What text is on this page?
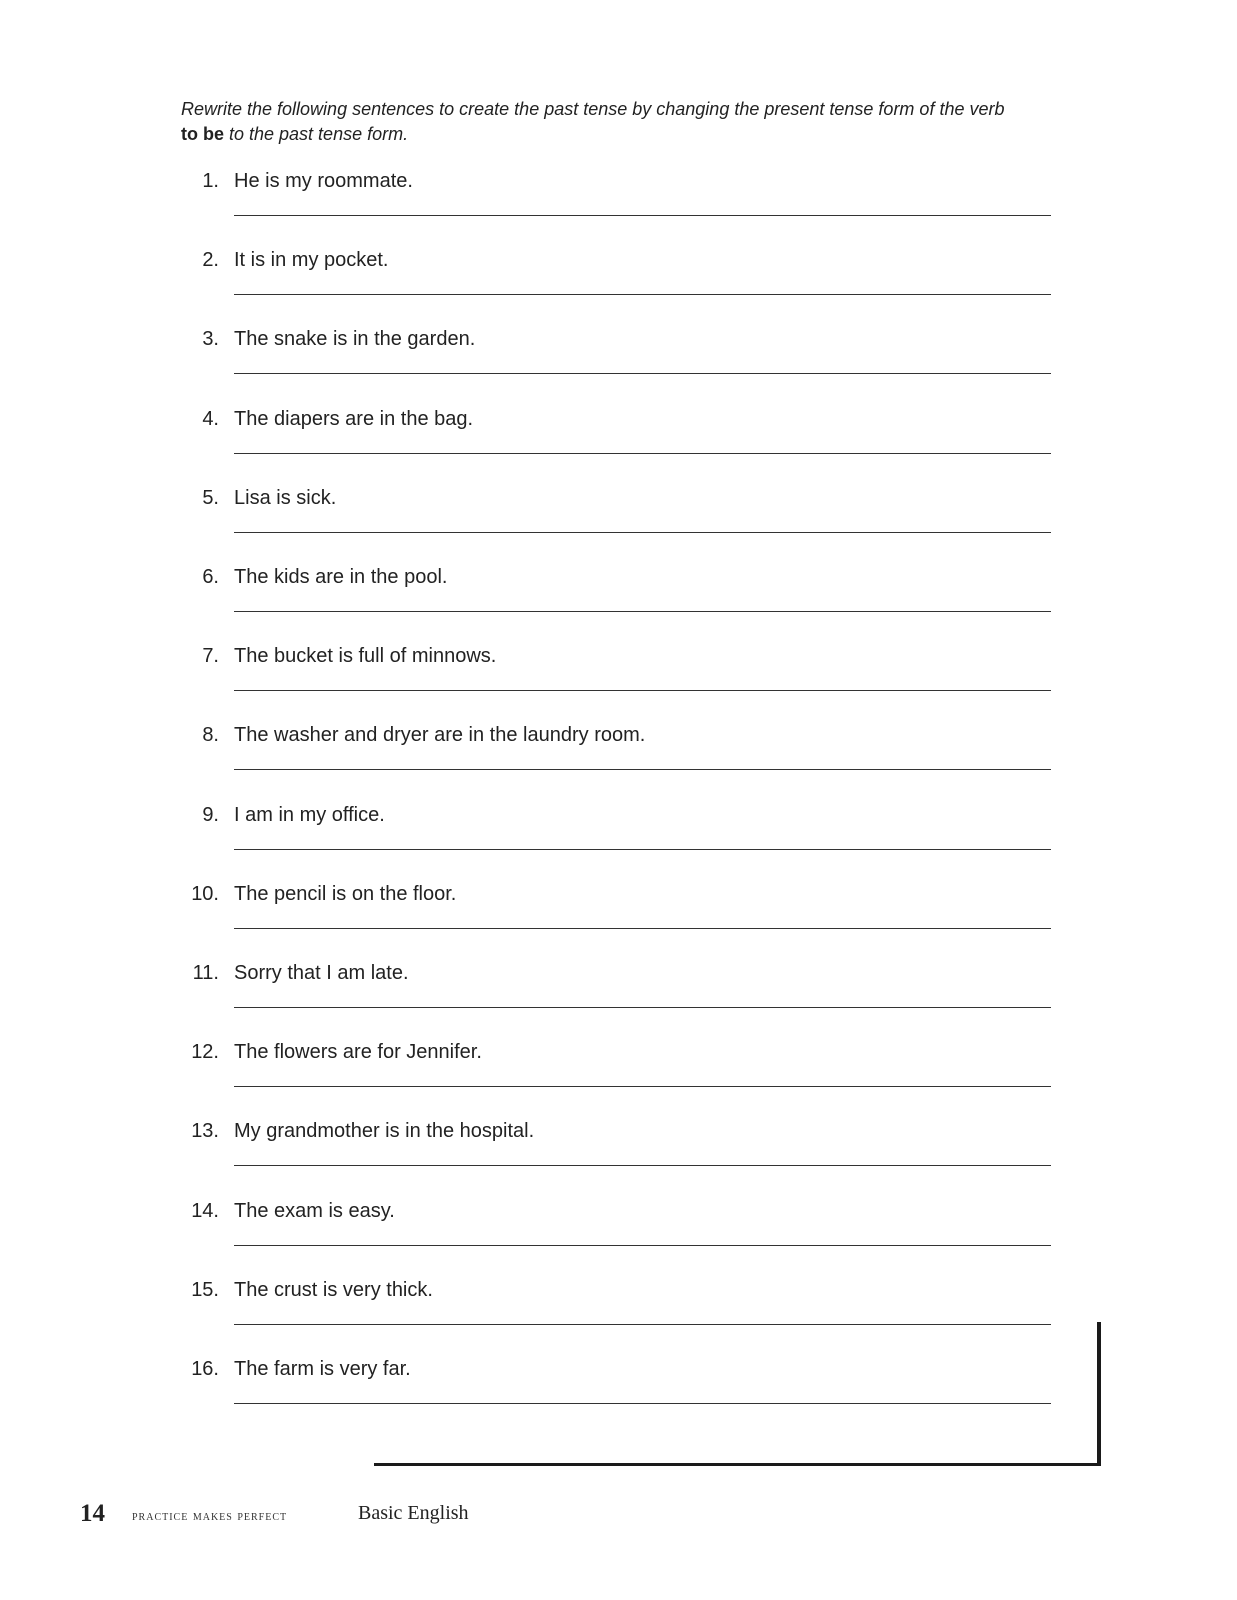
Rewrite the following sentences to create the past tense by changing the present tense form of the verb
to be to the past tense form.
1. He is my roommate.
2. It is in my pocket.
3. The snake is in the garden.
4. The diapers are in the bag.
5. Lisa is sick.
6. The kids are in the pool.
7. The bucket is full of minnows.
8. The washer and dryer are in the laundry room.
9. I am in my office.
10. The pencil is on the floor.
11. Sorry that I am late.
12. The flowers are for Jennifer.
13. My grandmother is in the hospital.
14. The exam is easy.
15. The crust is very thick.
16. The farm is very far.
14 practice makes perfect	Basic English
